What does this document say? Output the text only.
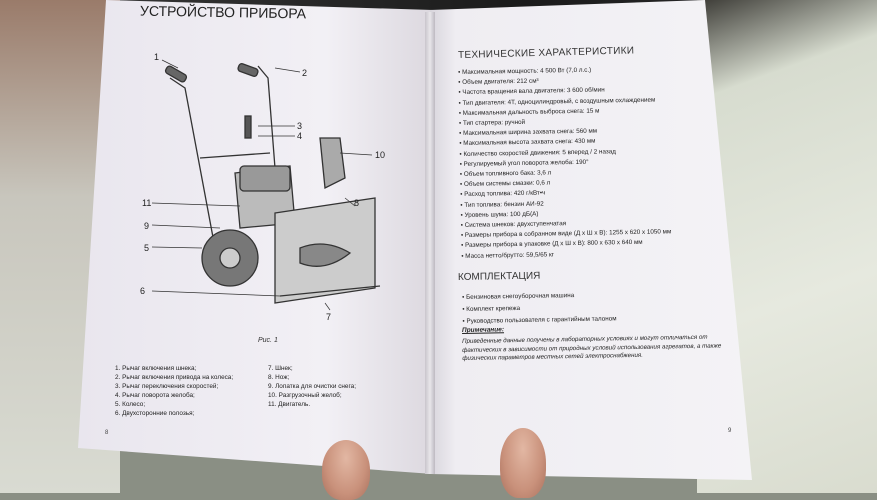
УСТРОЙСТВО ПРИБОРА
1
2
3
4
5
6
7
8
9
10
11
Рис. 1
1. Рычаг включения шнека;
2. Рычаг включения привода на колеса;
3. Рычаг переключения скоростей;
4. Рычаг поворота желоба;
5. Колесо;
6. Двухсторонние полозья;
7. Шнек;
8. Нож;
9. Лопатка для очистки снега;
10. Разгрузочный желоб;
11. Двигатель.
8
ТЕХНИЧЕСКИЕ ХАРАКТЕРИСТИКИ
• Максимальная мощность: 4 500 Вт (7,0 л.с.)
• Объем двигателя: 212 см³
• Частота вращения вала двигателя: 3 600 об/мин
• Тип двигателя: 4Т, одноцилиндровый, с воздушным охлаждением
• Максимальная дальность выброса снега: 15 м
• Тип стартера: ручной
• Максимальная ширина захвата снега: 560 мм
• Максимальная высота захвата снега: 430 мм
• Количество скоростей движения: 5 вперед / 2 назад
• Регулируемый угол поворота желоба: 190°
• Объем топливного бака: 3,6 л
• Объем системы смазки: 0,6 л
• Расход топлива: 420 г/кВт•ч
• Тип топлива: бензин АИ-92
• Уровень шума: 100 дБ(А)
• Система шнеков: двухступенчатая
• Размеры прибора в собранном виде (Д х Ш х В): 1255 х 620 х 1050 мм
• Размеры прибора в упаковке (Д х Ш х В): 800 х 630 х 640 мм
• Масса нетто/брутто: 59,5/65 кг
КОМПЛЕКТАЦИЯ
• Бензиновая снегоуборочная машина
• Комплект крепежа
• Руководство пользователя с гарантийным талоном
Примечание:
Приведенные данные получены в лабораторных условиях и могут отличаться от фактических в зависимости от природных условий использования агрегатов, а также физических параметров местных сетей электроснабжения.
9
